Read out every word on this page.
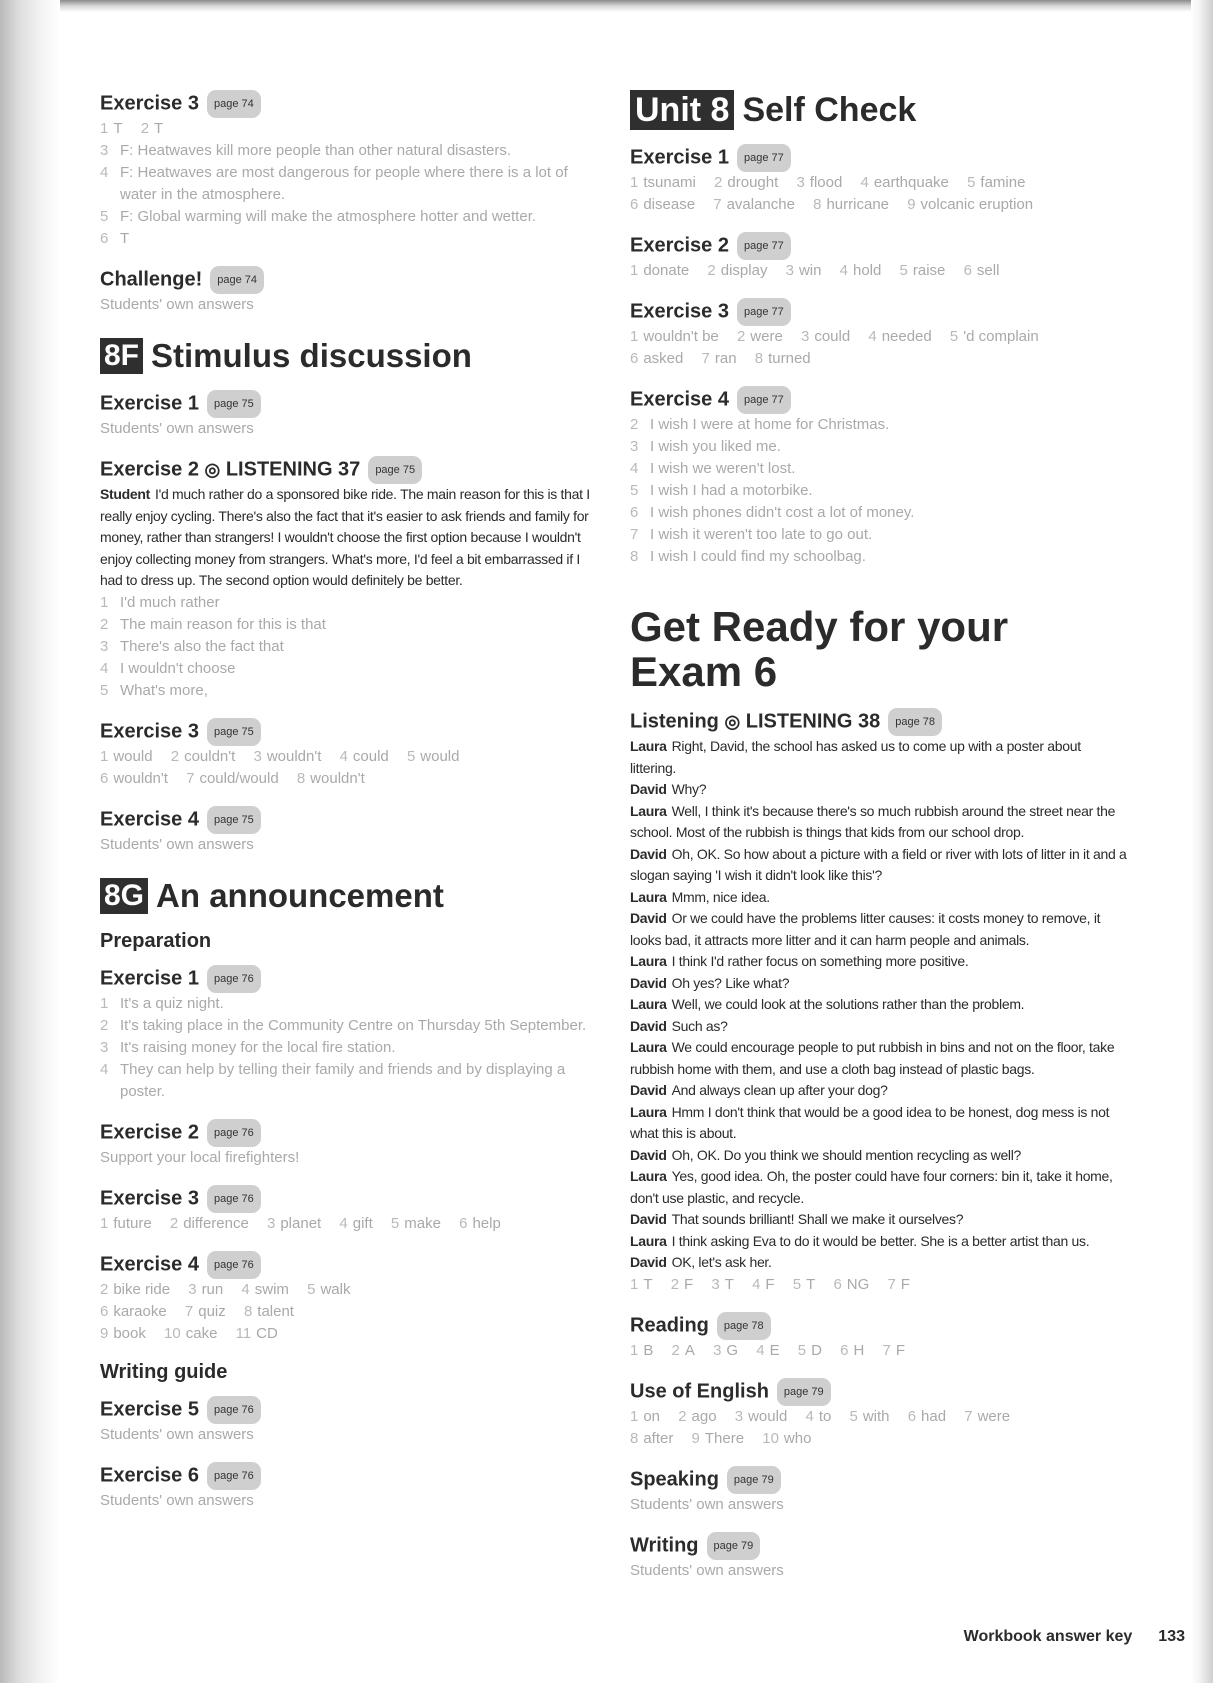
Exercise 3 page 74
1 T 2 T
3 F: Heatwaves kill more people than other natural disasters.
4 F: Heatwaves are most dangerous for people where there is a lot of water in the atmosphere.
5 F: Global warming will make the atmosphere hotter and wetter.
6 T
Challenge! page 74
Students' own answers
8F Stimulus discussion
Exercise 1 page 75
Students' own answers
Exercise 2 ◎ LISTENING 37 page 75
Student I'd much rather do a sponsored bike ride. The main reason for this is that I really enjoy cycling. There's also the fact that it's easier to ask friends and family for money, rather than strangers! I wouldn't choose the first option because I wouldn't enjoy collecting money from strangers. What's more, I'd feel a bit embarrassed if I had to dress up. The second option would definitely be better.
1 I'd much rather
2 The main reason for this is that
3 There's also the fact that
4 I wouldn't choose
5 What's more,
Exercise 3 page 75
1 would 2 couldn't 3 wouldn't 4 could 5 would
6 wouldn't 7 could/would 8 wouldn't
Exercise 4 page 75
Students' own answers
8G An announcement
Preparation
Exercise 1 page 76
1 It's a quiz night.
2 It's taking place in the Community Centre on Thursday 5th September.
3 It's raising money for the local fire station.
4 They can help by telling their family and friends and by displaying a poster.
Exercise 2 page 76
Support your local firefighters!
Exercise 3 page 76
1 future 2 difference 3 planet 4 gift 5 make 6 help
Exercise 4 page 76
2 bike ride 3 run 4 swim 5 walk
6 karaoke 7 quiz 8 talent
9 book 10 cake 11 CD
Writing guide
Exercise 5 page 76
Students' own answers
Exercise 6 page 76
Students' own answers
Unit 8 Self Check
Exercise 1 page 77
1 tsunami 2 drought 3 flood 4 earthquake 5 famine
6 disease 7 avalanche 8 hurricane 9 volcanic eruption
Exercise 2 page 77
1 donate 2 display 3 win 4 hold 5 raise 6 sell
Exercise 3 page 77
1 wouldn't be 2 were 3 could 4 needed 5 'd complain
6 asked 7 ran 8 turned
Exercise 4 page 77
2 I wish I were at home for Christmas.
3 I wish you liked me.
4 I wish we weren't lost.
5 I wish I had a motorbike.
6 I wish phones didn't cost a lot of money.
7 I wish it weren't too late to go out.
8 I wish I could find my schoolbag.
Get Ready for your
Exam 6
Listening ◎ LISTENING 38 page 78
Laura Right, David, the school has asked us to come up with a poster about littering.
David Why?
Laura Well, I think it's because there's so much rubbish around the street near the school. Most of the rubbish is things that kids from our school drop.
David Oh, OK. So how about a picture with a field or river with lots of litter in it and a slogan saying 'I wish it didn't look like this'?
Laura Mmm, nice idea.
David Or we could have the problems litter causes: it costs money to remove, it looks bad, it attracts more litter and it can harm people and animals.
Laura I think I'd rather focus on something more positive.
David Oh yes? Like what?
Laura Well, we could look at the solutions rather than the problem.
David Such as?
Laura We could encourage people to put rubbish in bins and not on the floor, take rubbish home with them, and use a cloth bag instead of plastic bags.
David And always clean up after your dog?
Laura Hmm I don't think that would be a good idea to be honest, dog mess is not what this is about.
David Oh, OK. Do you think we should mention recycling as well?
Laura Yes, good idea. Oh, the poster could have four corners: bin it, take it home, don't use plastic, and recycle.
David That sounds brilliant! Shall we make it ourselves?
Laura I think asking Eva to do it would be better. She is a better artist than us.
David OK, let's ask her.
1 T 2 F 3 T 4 F 5 T 6 NG 7 F
Reading page 78
1 B 2 A 3 G 4 E 5 D 6 H 7 F
Use of English page 79
1 on 2 ago 3 would 4 to 5 with 6 had 7 were
8 after 9 There 10 who
Speaking page 79
Students' own answers
Writing page 79
Students' own answers
Workbook answer key 133
